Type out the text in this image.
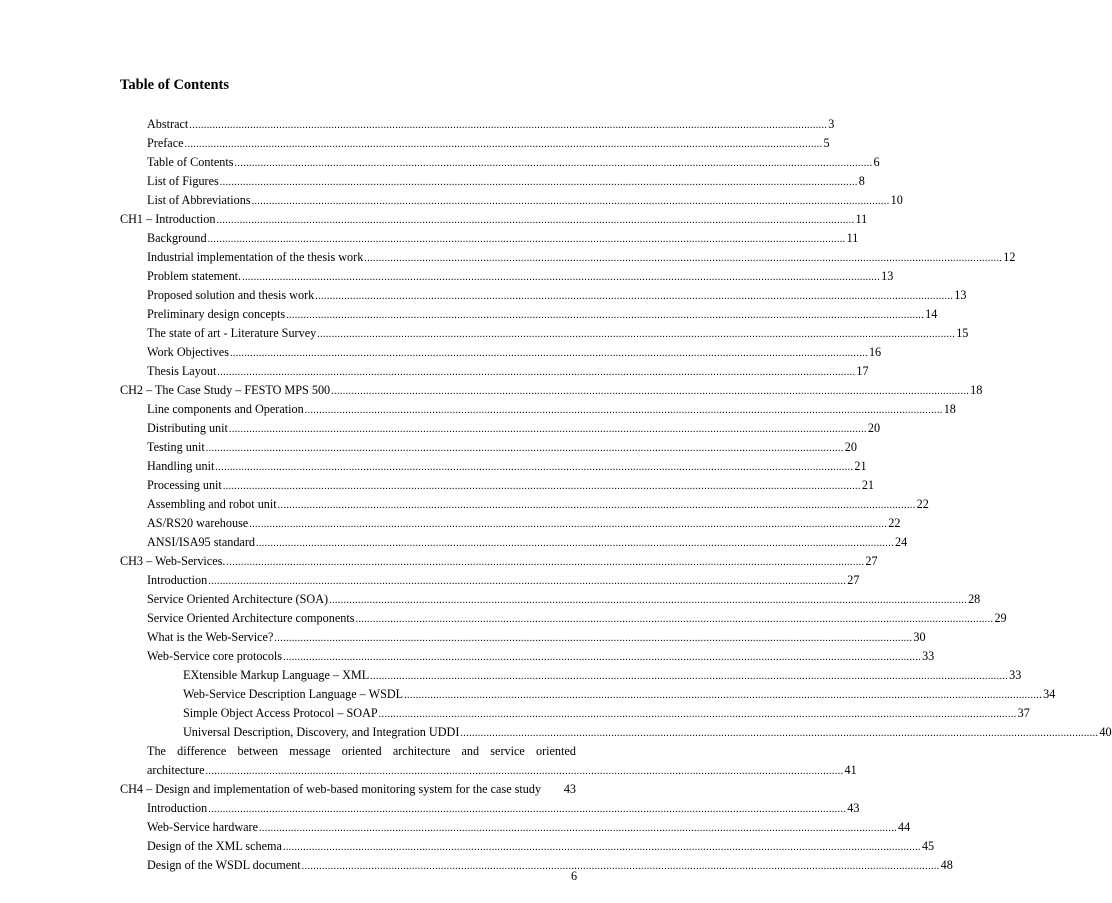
Table of Contents
Abstract ............................................................................................................................................................................................................................ 3
Preface ............................................................................................................................................................................................................................ 5
Table of Contents ............................................................................................................................................................................................................................ 6
List of Figures ............................................................................................................................................................................................................................ 8
List of Abbreviations ............................................................................................................................................................................................................................ 10
CH1 – Introduction ............................................................................................................................................................................................................................ 11
Background ............................................................................................................................................................................................................................ 11
Industrial implementation of the thesis work ............................................................................................................................................................................................................................ 12
Problem statement. ............................................................................................................................................................................................................................ 13
Proposed solution and thesis work ............................................................................................................................................................................................................................ 13
Preliminary design concepts ............................................................................................................................................................................................................................ 14
The state of art - Literature Survey ............................................................................................................................................................................................................................ 15
Work Objectives ............................................................................................................................................................................................................................ 16
Thesis Layout ............................................................................................................................................................................................................................ 17
CH2 – The Case Study – FESTO MPS 500 ............................................................................................................................................................................................................................ 18
Line components and Operation ............................................................................................................................................................................................................................ 18
Distributing unit ............................................................................................................................................................................................................................ 20
Testing unit ............................................................................................................................................................................................................................ 20
Handling unit ............................................................................................................................................................................................................................ 21
Processing unit ............................................................................................................................................................................................................................ 21
Assembling and robot unit ............................................................................................................................................................................................................................ 22
AS/RS20 warehouse ............................................................................................................................................................................................................................ 22
ANSI/ISA95 standard ............................................................................................................................................................................................................................ 24
CH3 – Web-Services. ............................................................................................................................................................................................................................ 27
Introduction ............................................................................................................................................................................................................................ 27
Service Oriented Architecture (SOA) ............................................................................................................................................................................................................................ 28
Service Oriented Architecture components ............................................................................................................................................................................................................................ 29
What is the Web-Service? ............................................................................................................................................................................................................................ 30
Web-Service core protocols ............................................................................................................................................................................................................................ 33
EXtensible Markup Language – XML ............................................................................................................................................................................................................................ 33
Web-Service Description Language – WSDL ............................................................................................................................................................................................................................ 34
Simple Object Access Protocol – SOAP ............................................................................................................................................................................................................................ 37
Universal Description, Discovery, and Integration UDDI ............................................................................................................................................................................................................................ 40
The difference between message oriented architecture and service oriented
architecture ............................................................................................................................................................................................................................ 41
CH4 – Design and implementation of web-based monitoring system for the case study 43
Introduction ............................................................................................................................................................................................................................ 43
Web-Service hardware ............................................................................................................................................................................................................................ 44
Design of the XML schema ............................................................................................................................................................................................................................ 45
Design of the WSDL document ............................................................................................................................................................................................................................ 48
6
